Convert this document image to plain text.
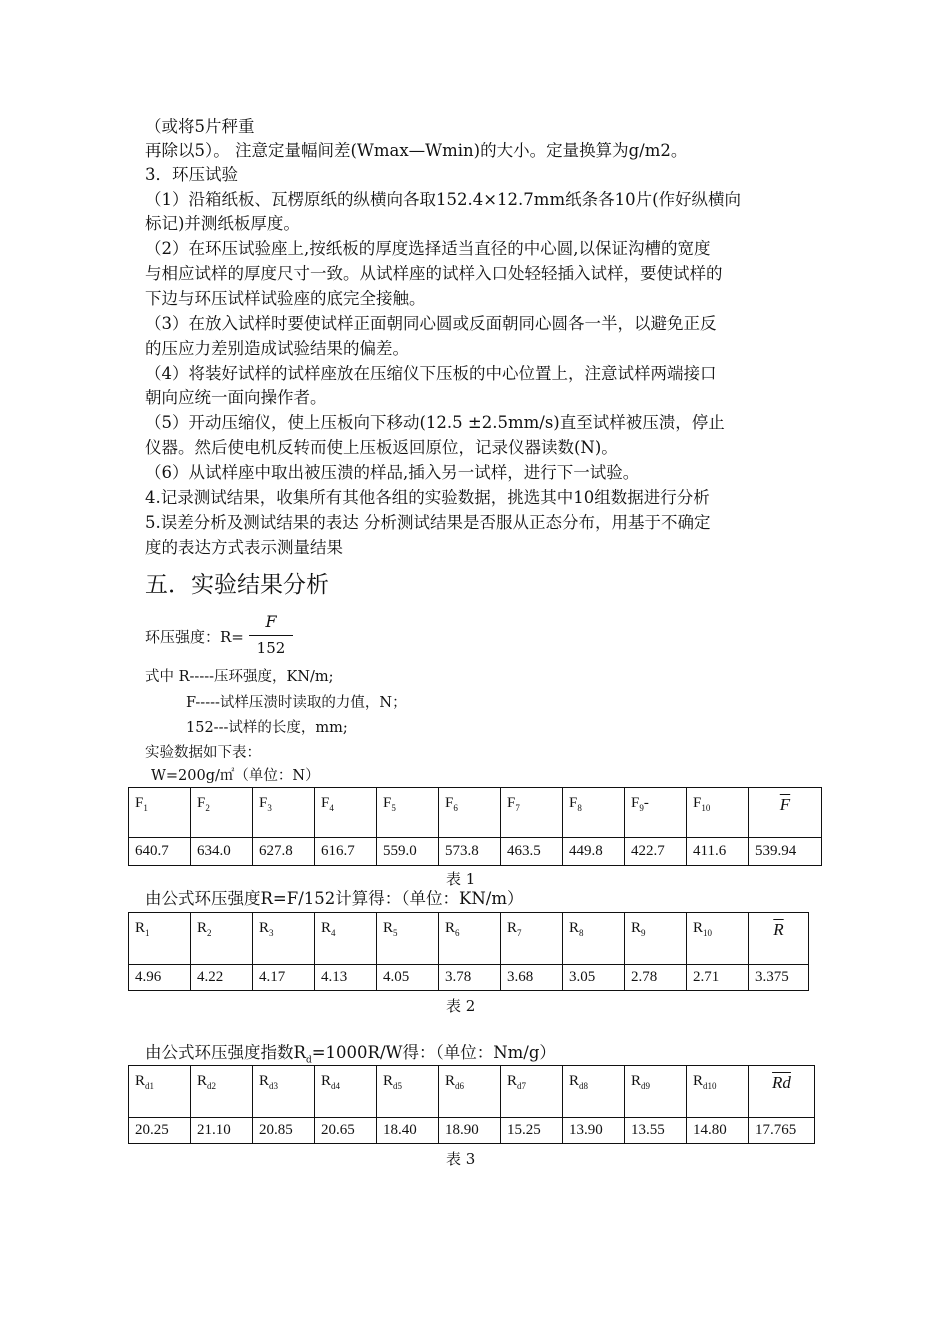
（或将5片秤重
再除以5）。 注意定量幅间差(Wmax—Wmin)的大小。定量换算为g/m2。
3．环压试验
（1）沿箱纸板、瓦楞原纸的纵横向各取152.4×12.7mm纸条各10片(作好纵横向
标记)并测纸板厚度。
（2）在环压试验座上,按纸板的厚度选择适当直径的中心圆,以保证沟槽的宽度
与相应试样的厚度尺寸一致。从试样座的试样入口处轻轻插入试样，要使试样的
下边与环压试样试验座的底完全接触。
（3）在放入试样时要使试样正面朝同心圆或反面朝同心圆各一半，以避免正反
的压应力差别造成试验结果的偏差。
（4）将装好试样的试样座放在压缩仪下压板的中心位置上，注意试样两端接口
朝向应统一面向操作者。
（5）开动压缩仪，使上压板向下移动(12.5 ±2.5mm/s)直至试样被压溃，停止
仪器。然后使电机反转而使上压板返回原位，记录仪器读数(N)。
（6）从试样座中取出被压溃的样品,插入另一试样，进行下一试验。
4.记录测试结果，收集所有其他各组的实验数据，挑选其中10组数据进行分析
5.误差分析及测试结果的表达 分析测试结果是否服从正态分布，用基于不确定
度的表达方式表示测量结果
五．实验结果分析
环压强度：R=
F
152
式中 R-----压环强度，KN/m;
F-----试样压溃时读取的力值，N；
152---试样的长度，mm;
实验数据如下表：
W=200g/㎡（单位：N）
$F_1$	$F_2$	$F_3$	$F_4$	$F_5$	$F_6$	$F_7$	$F_8$	$F_9-$	$F_{10}$	$\overline{F}$
640.7	634.0	627.8	616.7	559.0	573.8	463.5	449.8	422.7	411.6	539.94
表 1
由公式环压强度R=F/152计算得：（单位：KN/m）
$R_1$	$R_2$	$R_3$	$R_4$	$R_5$	$R_6$	$R_7$	$R_8$	$R_9$	$R_{10}$	$\overline{R}$
4.96	4.22	4.17	4.13	4.05	3.78	3.68	3.05	2.78	2.71	3.375
表 2
由公式环压强度指数$R_d=1000R/W$得：（单位：Nm/g）
$R_{d1}$	$R_{d2}$	$R_{d3}$	$R_{d4}$	$R_{d5}$	$R_{d6}$	$R_{d7}$	$R_{d8}$	$R_{d9}$	$R_{d10}$	$\overline{Rd}$
20.25	21.10	20.85	20.65	18.40	18.90	15.25	13.90	13.55	14.80	17.765
表 3
